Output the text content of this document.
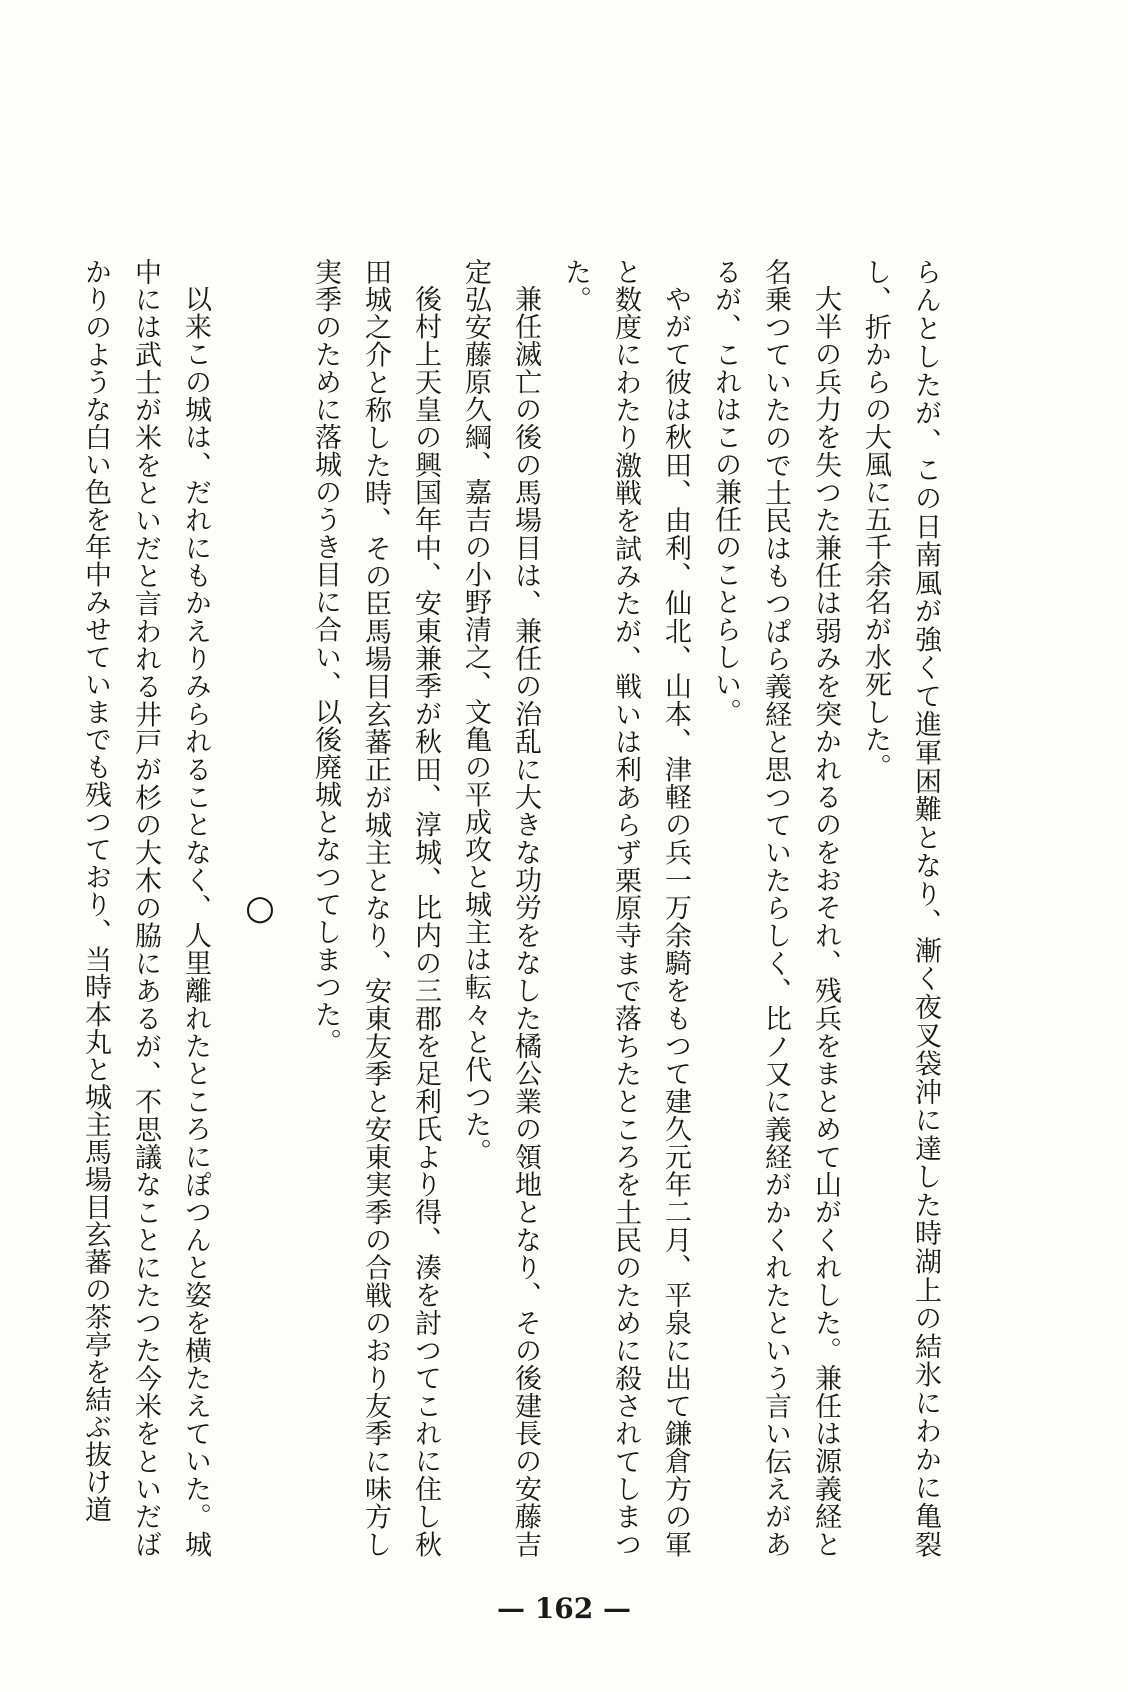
らんとしたが、この日南風が強くて進軍困難となり、漸く夜叉袋沖に達した時湖上の結氷にわかに亀裂し、折からの大風に五千余名が水死した。

大半の兵力を失つた兼任は弱みを突かれるのをおそれ、残兵をまとめて山がくれした。兼任は源義経と名乗つていたので土民はもつぱら義経と思つていたらしく、比ノ又に義経がかくれたという言い伝えがあるが、これはこの兼任のことらしい。

やがて彼は秋田、由利、仙北、山本、津軽の兵一万余騎をもつて建久元年二月、平泉に出て鎌倉方の軍と数度にわたり激戦を試みたが、戦いは利あらず栗原寺まで落ちたところを土民のために殺されてしまつた。

兼任滅亡の後の馬場目は、兼任の治乱に大きな功労をなした橘公業の領地となり、その後建長の安藤吉定弘安藤原久綱、嘉吉の小野清之、文亀の平成攻と城主は転々と代つた。

後村上天皇の興国年中、安東兼季が秋田、淳城、比内の三郡を足利氏より得、湊を討つてこれに住し秋田城之介と称した時、その臣馬場目玄蕃正が城主となり、安東友季と安東実季の合戦のおり友季に味方し実季のために落城のうき目に合い、以後廃城となつてしまつた。

○

以来この城は、だれにもかえりみられることなく、人里離れたところにぽつんと姿を横たえていた。城中には武士が米をといだと言われる井戸が杉の大木の脇にあるが、不思議なことにたつた今米をといだばかりのような白い色を年中みせていまでも残つており、当時本丸と城主馬場目玄蕃の茶亭を結ぶ抜け道

— 162 —
